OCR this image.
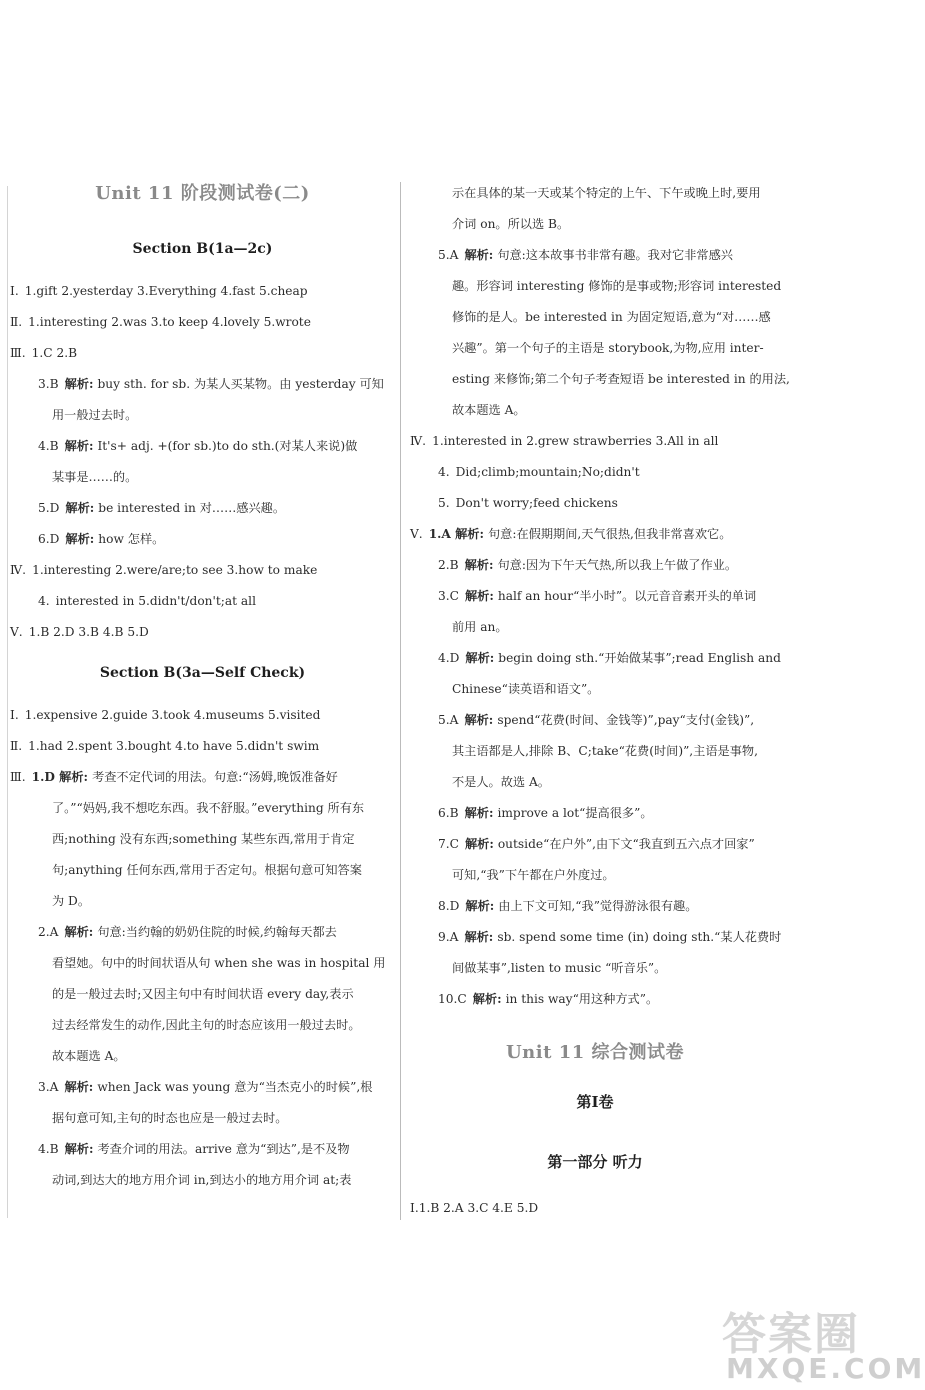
Unit 11 阶段测试卷(二)
Section B(1a—2c)
Ⅰ. 1.gift 2.yesterday 3.Everything 4.fast 5.cheap
Ⅱ. 1.interesting 2.was 3.to keep 4.lovely 5.wrote
Ⅲ. 1.C 2.B
3.B 解析: buy sth. for sb. 为某人买某物。由 yesterday 可知
用一般过去时。
4.B 解析: It's+ adj. +(for sb.)to do sth.(对某人来说)做
某事是……的。
5.D 解析: be interested in 对……感兴趣。
6.D 解析: how 怎样。
Ⅳ. 1.interesting 2.were/are;to see 3.how to make
4. interested in 5.didn't/don't;at all
Ⅴ. 1.B 2.D 3.B 4.B 5.D
Section B(3a—Self Check)
Ⅰ. 1.expensive 2.guide 3.took 4.museums 5.visited
Ⅱ. 1.had 2.spent 3.bought 4.to have 5.didn't swim
Ⅲ. 1.D 解析: 考查不定代词的用法。句意:“汤姆,晚饭准备好
了。”“妈妈,我不想吃东西。我不舒服。”everything 所有东
西;nothing 没有东西;something 某些东西,常用于肯定
句;anything 任何东西,常用于否定句。根据句意可知答案
为 D。
2.A 解析: 句意:当约翰的奶奶住院的时候,约翰每天都去
看望她。句中的时间状语从句 when she was in hospital 用
的是一般过去时;又因主句中有时间状语 every day,表示
过去经常发生的动作,因此主句的时态应该用一般过去时。
故本题选 A。
3.A 解析: when Jack was young 意为“当杰克小的时候”,根
据句意可知,主句的时态也应是一般过去时。
4.B 解析: 考查介词的用法。arrive 意为“到达”,是不及物
动词,到达大的地方用介词 in,到达小的地方用介词 at;表
示在具体的某一天或某个特定的上午、下午或晚上时,要用
介词 on。所以选 B。
5.A 解析: 句意:这本故事书非常有趣。我对它非常感兴
趣。形容词 interesting 修饰的是事或物;形容词 interested
修饰的是人。be interested in 为固定短语,意为“对……感
兴趣”。第一个句子的主语是 storybook,为物,应用 inter-
esting 来修饰;第二个句子考查短语 be interested in 的用法,
故本题选 A。
Ⅳ. 1.interested in 2.grew strawberries 3.All in all
4. Did;climb;mountain;No;didn't
5. Don't worry;feed chickens
Ⅴ. 1.A 解析: 句意:在假期期间,天气很热,但我非常喜欢它。
2.B 解析: 句意:因为下午天气热,所以我上午做了作业。
3.C 解析: half an hour“半小时”。以元音音素开头的单词
前用 an。
4.D 解析: begin doing sth.“开始做某事”;read English and
Chinese“读英语和语文”。
5.A 解析: spend“花费(时间、金钱等)”,pay“支付(金钱)”,
其主语都是人,排除 B、C;take“花费(时间)”,主语是事物,
不是人。故选 A。
6.B 解析: improve a lot“提高很多”。
7.C 解析: outside“在户外”,由下文“我直到五六点才回家”
可知,“我”下午都在户外度过。
8.D 解析: 由上下文可知,“我”觉得游泳很有趣。
9.A 解析: sb. spend some time (in) doing sth.“某人花费时
间做某事”,listen to music “听音乐”。
10.C 解析: in this way“用这种方式”。
Unit 11 综合测试卷
第Ⅰ卷
第一部分 听力
Ⅰ.1.B 2.A 3.C 4.E 5.D
答案圈
MXQE.COM
